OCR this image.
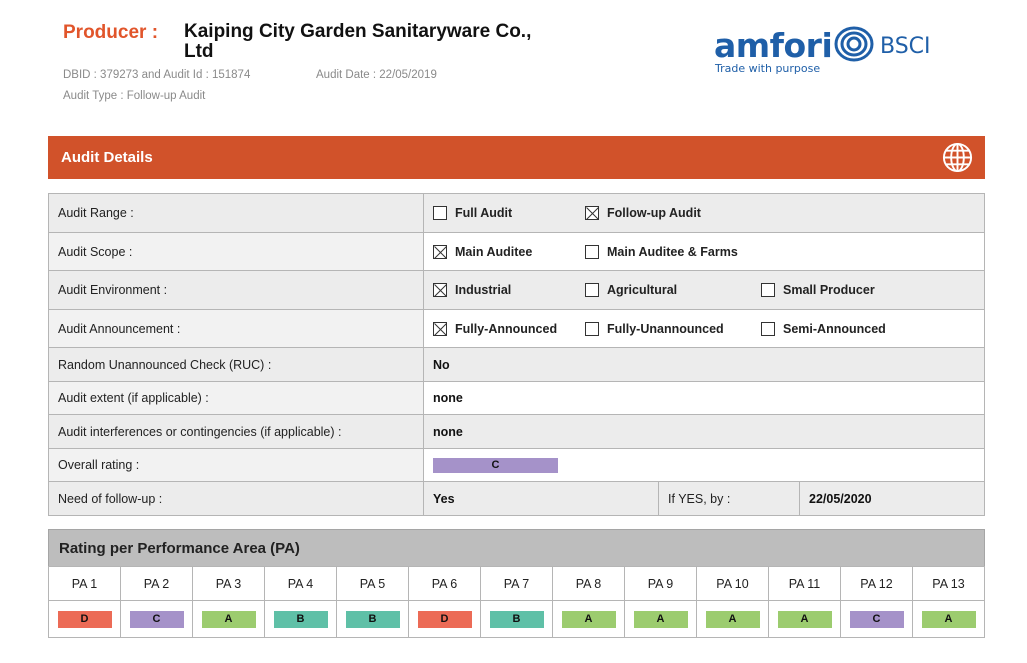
Producer : Kaiping City Garden Sanitaryware Co., Ltd
DBID : 379273 and Audit Id : 151874	Audit Date : 22/05/2019
Audit Type : Follow-up Audit
amfori BSCI
Trade with purpose
Audit Details
Audit Range :	Full Audit Follow-up Audit		

Audit Scope :	Main Auditee Main Auditee & Farms		

Audit Environment :	Industrial Agricultural Small Producer		

Audit Announcement :	Fully-Announced Fully-Unannounced Semi-Announced		

Random Unannounced Check (RUC) :	No		
Audit extent (if applicable) :	none		
Audit interferences or contingencies (if applicable) :	none		
Overall rating :	C		
Need of follow-up :	Yes	If YES, by :	22/05/2020
Rating per Performance Area (PA)
PA 1	PA 2	PA 3	PA 4	PA 5	PA 6	PA 7	PA 8	PA 9	PA 10	PA 11	PA 12	PA 13
D	C	A	B	B	D	B	A	A	A	A	C	A
